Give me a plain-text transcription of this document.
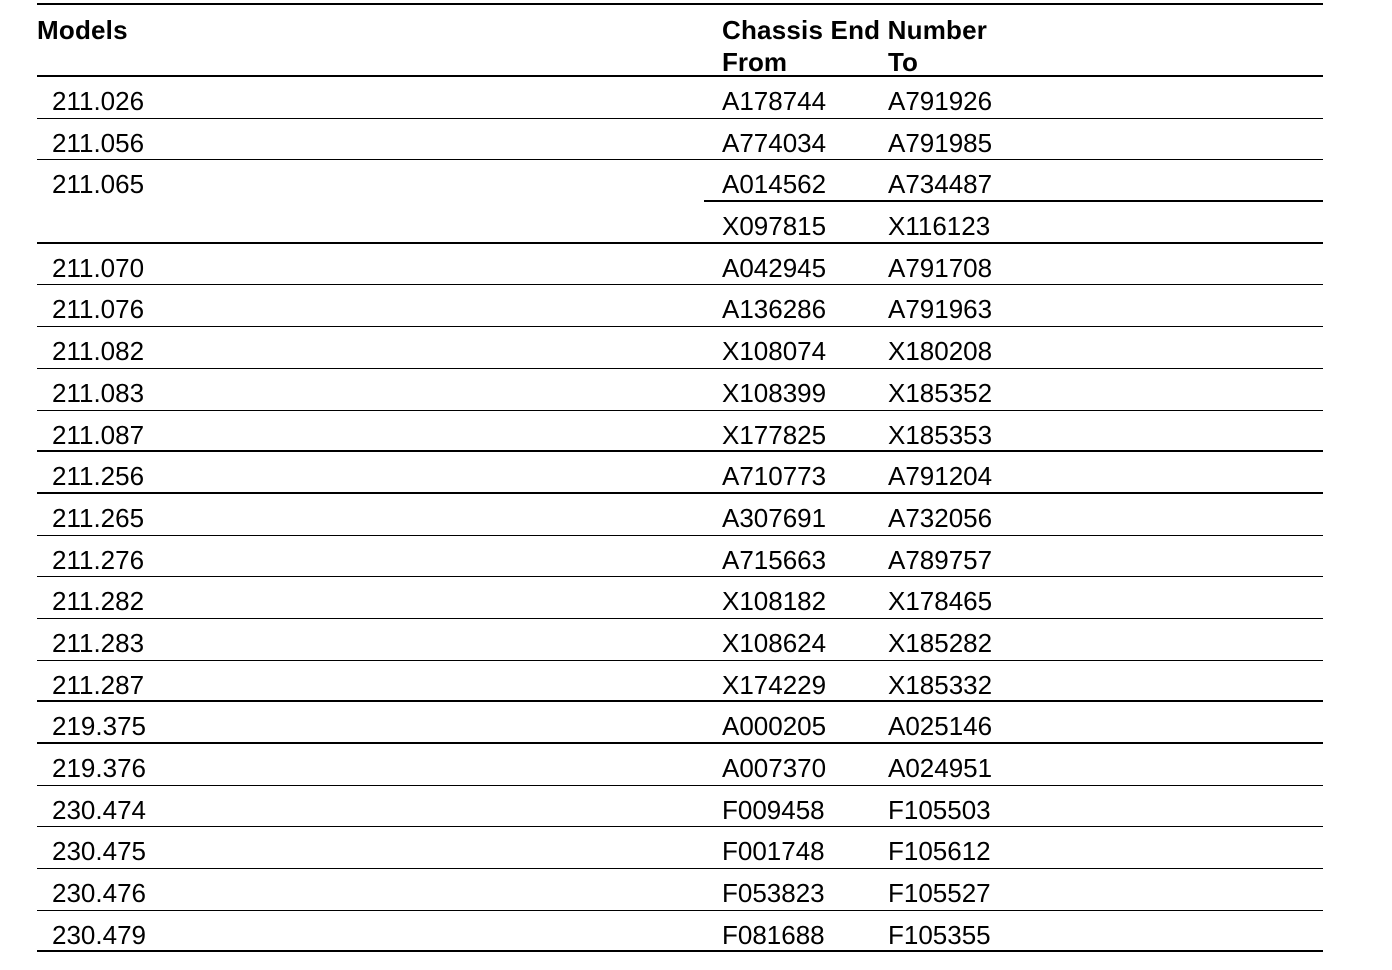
Models	Chassis End Number
From	To
211.026	A178744 A791926
211.056	A774034 A791985
211.065	A014562 A734487
X097815 X116123
211.070	A042945 A791708
211.076	A136286 A791963
211.082	X108074 X180208
211.083	X108399 X185352
211.087	X177825 X185353
211.256	A710773 A791204
211.265	A307691 A732056
211.276	A715663 A789757
211.282	X108182 X178465
211.283	X108624 X185282
211.287	X174229 X185332
219.375	A000205 A025146
219.376	A007370 A024951
230.474	F009458 F105503
230.475	F001748 F105612
230.476	F053823 F105527
230.479	F081688 F105355
